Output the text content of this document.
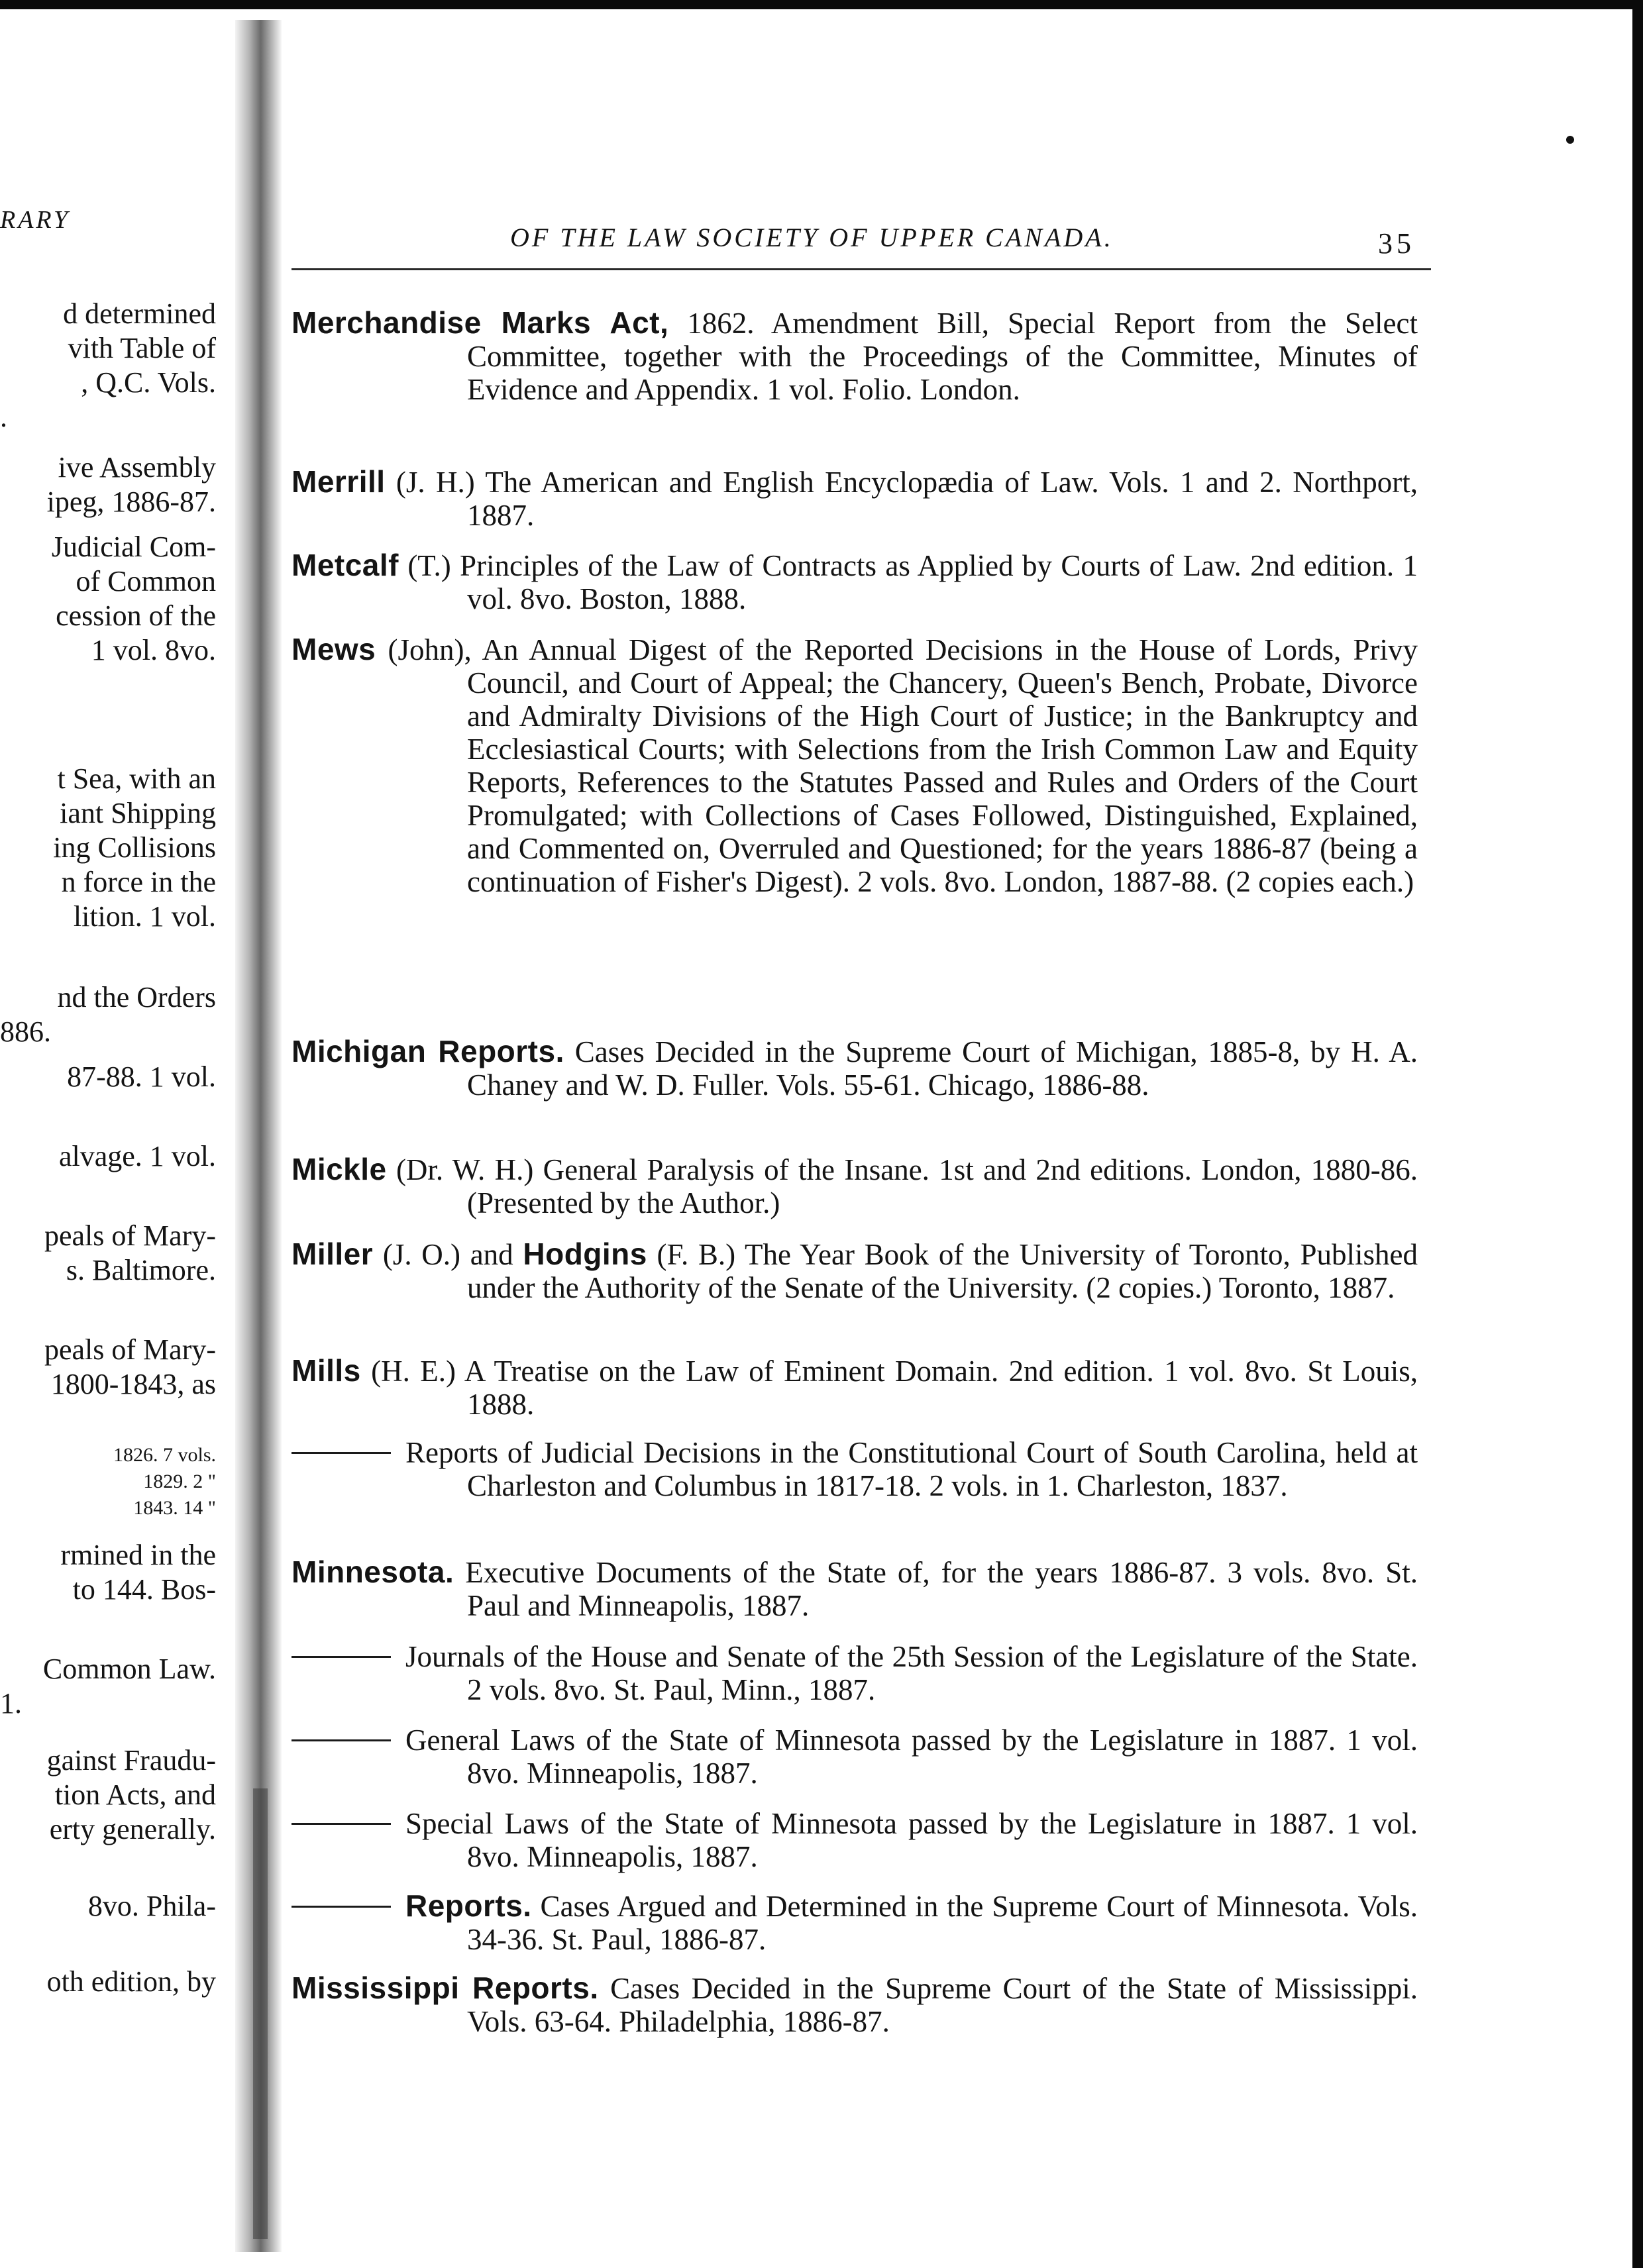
RARY
d determined
vith Table of
, Q.C. Vols.
.
ive Assembly
ipeg, 1886-87.
Judicial Com-
of Common
cession of the
1 vol. 8vo.
t Sea, with an
iant Shipping
ing Collisions
n force in the
lition. 1 vol.
nd the Orders
886.
87-88. 1 vol.
alvage. 1 vol.
peals of Mary-
s. Baltimore.
peals of Mary-
1800-1843, as
1826. 7 vols.
1829. 2 "
1843. 14 "
rmined in the
to 144. Bos-
Common Law.
1.
gainst Fraudu-
tion Acts, and
erty generally.
8vo. Phila-
oth edition, by
OF THE LAW SOCIETY OF UPPER CANADA.	35
Merchandise Marks Act, 1862. Amendment Bill, Special Report from the Select Committee, together with the Proceedings of the Committee, Minutes of Evidence and Appendix. 1 vol. Folio. London.
Merrill (J. H.) The American and English Encyclopædia of Law. Vols. 1 and 2. Northport, 1887.
Metcalf (T.) Principles of the Law of Contracts as Applied by Courts of Law. 2nd edition. 1 vol. 8vo. Boston, 1888.
Mews (John), An Annual Digest of the Reported Decisions in the House of Lords, Privy Council, and Court of Appeal; the Chancery, Queen's Bench, Probate, Divorce and Admiralty Divisions of the High Court of Justice; in the Bankruptcy and Ecclesiastical Courts; with Selections from the Irish Common Law and Equity Reports, References to the Statutes Passed and Rules and Orders of the Court Promulgated; with Collections of Cases Followed, Distinguished, Explained, and Commented on, Overruled and Questioned; for the years 1886-87 (being a continuation of Fisher's Digest). 2 vols. 8vo. London, 1887-88. (2 copies each.)
Michigan Reports. Cases Decided in the Supreme Court of Michigan, 1885-8, by H. A. Chaney and W. D. Fuller. Vols. 55-61. Chicago, 1886-88.
Mickle (Dr. W. H.) General Paralysis of the Insane. 1st and 2nd editions. London, 1880-86. (Presented by the Author.)
Miller (J. O.) and Hodgins (F. B.) The Year Book of the University of Toronto, Published under the Authority of the Senate of the University. (2 copies.) Toronto, 1887.
Mills (H. E.) A Treatise on the Law of Eminent Domain. 2nd edition. 1 vol. 8vo. St Louis, 1888.
Reports of Judicial Decisions in the Constitutional Court of South Carolina, held at Charleston and Columbus in 1817-18. 2 vols. in 1. Charleston, 1837.
Minnesota. Executive Documents of the State of, for the years 1886-87. 3 vols. 8vo. St. Paul and Minneapolis, 1887.
Journals of the House and Senate of the 25th Session of the Legislature of the State. 2 vols. 8vo. St. Paul, Minn., 1887.
General Laws of the State of Minnesota passed by the Legislature in 1887. 1 vol. 8vo. Minneapolis, 1887.
Special Laws of the State of Minnesota passed by the Legislature in 1887. 1 vol. 8vo. Minneapolis, 1887.
Reports. Cases Argued and Determined in the Supreme Court of Minnesota. Vols. 34-36. St. Paul, 1886-87.
Mississippi Reports. Cases Decided in the Supreme Court of the State of Mississippi. Vols. 63-64. Philadelphia, 1886-87.
